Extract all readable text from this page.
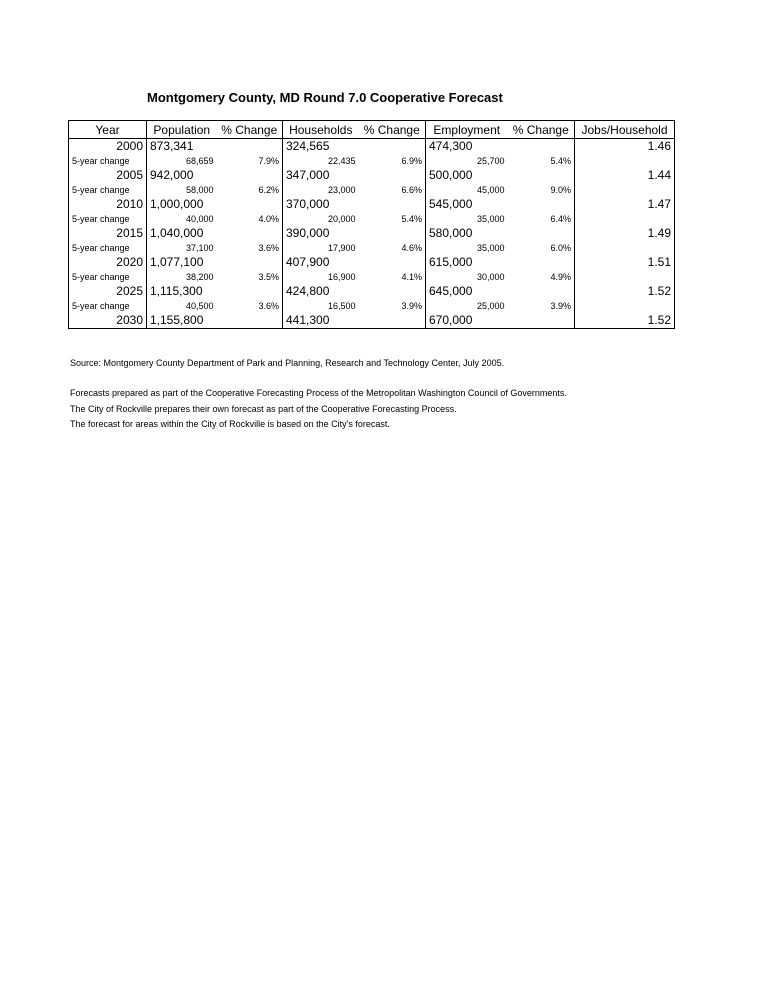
Montgomery County, MD Round 7.0 Cooperative Forecast
Year	Population	% Change	Households	% Change	Employment	% Change	Jobs/Household
2000	873,341		324,565		474,300		1.46
5-year change	68,659	7.9%	22,435	6.9%	25,700	5.4%	
2005	942,000		347,000		500,000		1.44
5-year change	58,000	6.2%	23,000	6.6%	45,000	9.0%	
2010	1,000,000		370,000		545,000		1.47
5-year change	40,000	4.0%	20,000	5.4%	35,000	6.4%	
2015	1,040,000		390,000		580,000		1.49
5-year change	37,100	3.6%	17,900	4.6%	35,000	6.0%	
2020	1,077,100		407,900		615,000		1.51
5-year change	38,200	3.5%	16,900	4.1%	30,000	4.9%	
2025	1,115,300		424,800		645,000		1.52
5-year change	40,500	3.6%	16,500	3.9%	25,000	3.9%	
2030	1,155,800		441,300		670,000		1.52
Source: Montgomery County Department of Park and Planning, Research and Technology Center, July 2005.
Forecasts prepared as part of the Cooperative Forecasting Process of the Metropolitan Washington Council of Governments.
The City of Rockville prepares their own forecast as part of the Cooperative Forecasting Process.
The forecast for areas within the City of Rockville is based on the City's forecast.
